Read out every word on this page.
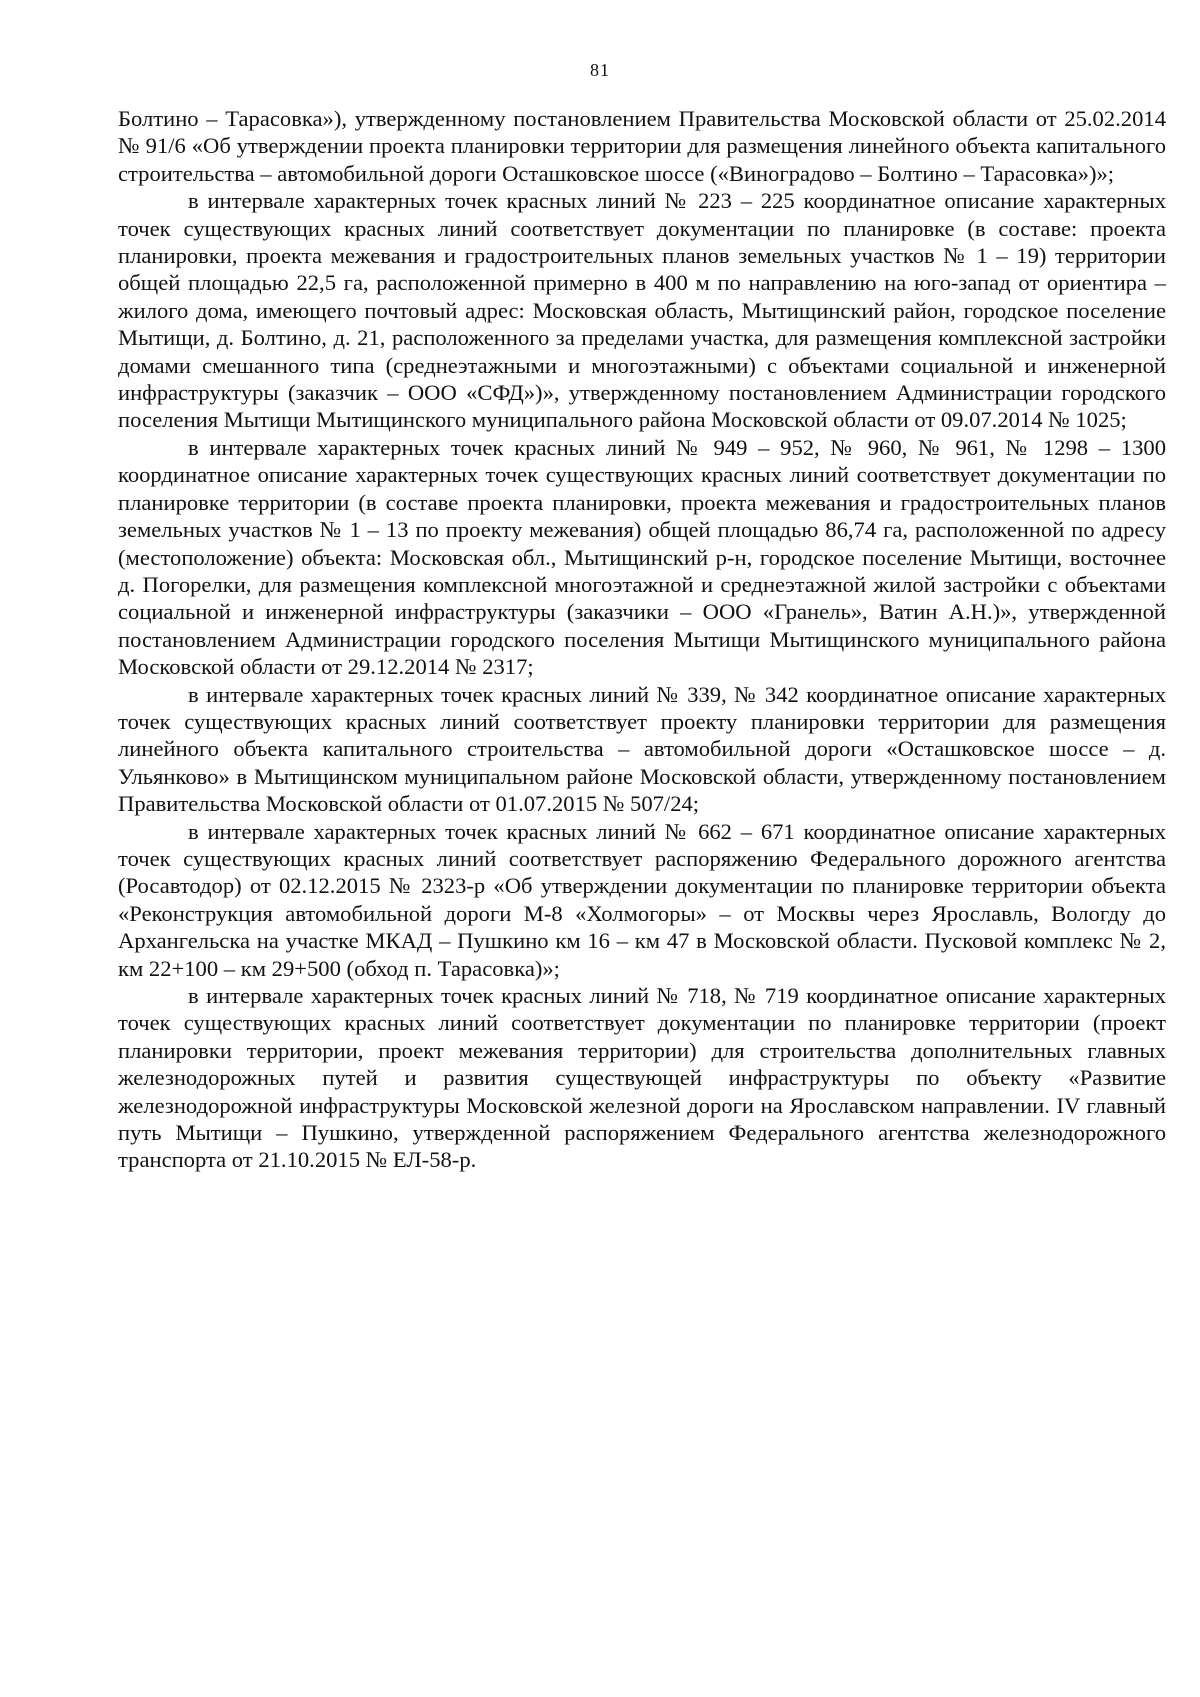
81

Болтино – Тарасовка»), утвержденному постановлением Правительства Московской области от 25.02.2014 № 91/6 «Об утверждении проекта планировки территории для размещения линейного объекта капитального строительства – автомобильной дороги Осташковское шоссе («Виноградово – Болтино – Тарасовка»)»;

в интервале характерных точек красных линий № 223 – 225 координатное описание характерных точек существующих красных линий соответствует документации по планировке (в составе: проекта планировки, проекта межевания и градостроительных планов земельных участков № 1 – 19) территории общей площадью 22,5 га, расположенной примерно в 400 м по направлению на юго-запад от ориентира –жилого дома, имеющего почтовый адрес: Московская область, Мытищинский район, городское поселение Мытищи, д. Болтино, д. 21, расположенного за пределами участка, для размещения комплексной застройки домами смешанного типа (среднеэтажными и многоэтажными) с объектами социальной и инженерной инфраструктуры (заказчик – ООО «СФД»)», утвержденному постановлением Администрации городского поселения Мытищи Мытищинского муниципального района Московской области от 09.07.2014 № 1025;

в интервале характерных точек красных линий № 949 – 952, № 960, № 961, № 1298 – 1300 координатное описание характерных точек существующих красных линий соответствует документации по планировке территории (в составе проекта планировки, проекта межевания и градостроительных планов земельных участков № 1 – 13 по проекту межевания) общей площадью 86,74 га, расположенной по адресу (местоположение) объекта: Московская обл., Мытищинский р-н, городское поселение Мытищи, восточнее д. Погорелки, для размещения комплексной многоэтажной и среднеэтажной жилой застройки с объектами социальной и инженерной инфраструктуры (заказчики – ООО «Гранель», Ватин А.Н.)», утвержденной постановлением Администрации городского поселения Мытищи Мытищинского муниципального района Московской области от 29.12.2014 № 2317;

в интервале характерных точек красных линий № 339, № 342 координатное описание характерных точек существующих красных линий соответствует проекту планировки территории для размещения линейного объекта капитального строительства – автомобильной дороги «Осташковское шоссе – д. Ульянково» в Мытищинском муниципальном районе Московской области, утвержденному постановлением Правительства Московской области от 01.07.2015 № 507/24;

в интервале характерных точек красных линий № 662 – 671 координатное описание характерных точек существующих красных линий соответствует распоряжению Федерального дорожного агентства (Росавтодор) от 02.12.2015 № 2323-р «Об утверждении документации по планировке территории объекта «Реконструкция автомобильной дороги М-8 «Холмогоры» – от Москвы через Ярославль, Вологду до Архангельска на участке МКАД – Пушкино км 16 – км 47 в Московской области. Пусковой комплекс № 2, км 22+100 – км 29+500 (обход п. Тарасовка)»;

в интервале характерных точек красных линий № 718, № 719 координатное описание характерных точек существующих красных линий соответствует документации по планировке территории (проект планировки территории, проект межевания территории) для строительства дополнительных главных железнодорожных путей и развития существующей инфраструктуры по объекту «Развитие железнодорожной инфраструктуры Московской железной дороги на Ярославском направлении. IV главный путь Мытищи – Пушкино, утвержденной распоряжением Федерального агентства железнодорожного транспорта от 21.10.2015 № ЕЛ-58-р.
